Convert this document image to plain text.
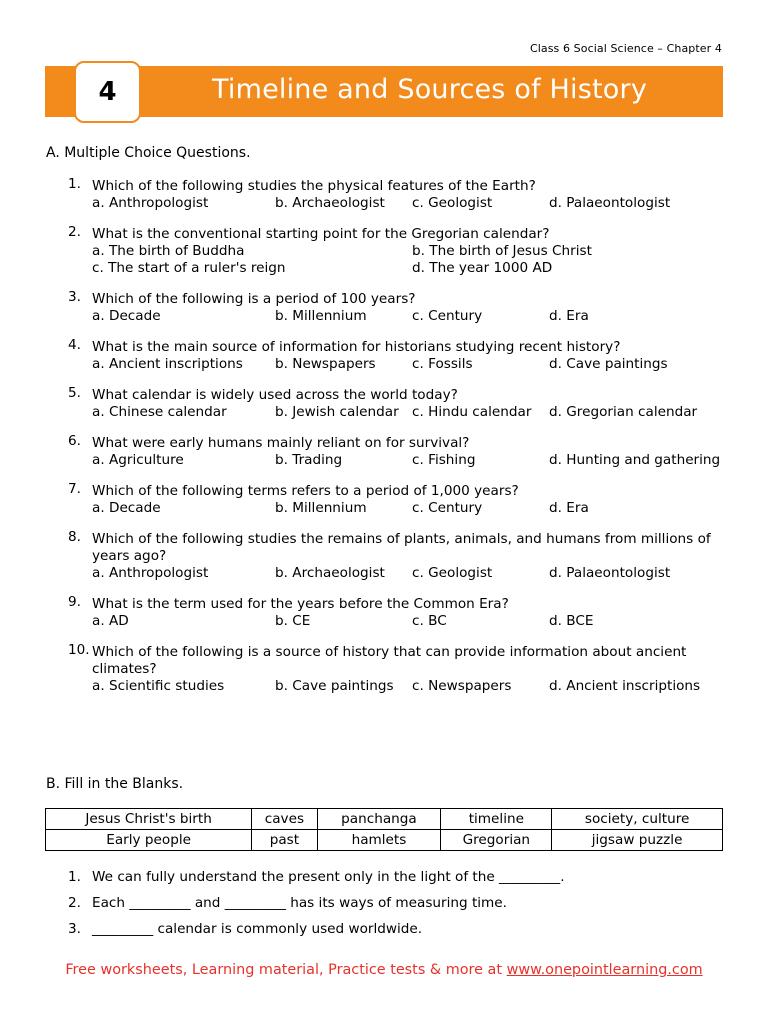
Class 6 Social Science – Chapter 4
4	Timeline and Sources of History
A. Multiple Choice Questions.
1. Which of the following studies the physical features of the Earth?
a. Anthropologist	b. Archaeologist c. Geologist	d. Palaeontologist
2. What is the conventional starting point for the Gregorian calendar?
a. The birth of Buddha	b. The birth of Jesus Christ
c. The start of a ruler's reign	d. The year 1000 AD
3. Which of the following is a period of 100 years?
a. Decade	b. Millennium	c. Century	d. Era
4. What is the main source of information for historians studying recent history?
a. Ancient inscriptions b. Newspapers	c. Fossils	d. Cave paintings
5. What calendar is widely used across the world today?
a. Chinese calendar	b. Jewish calendar c. Hindu calendar d. Gregorian calendar
6. What were early humans mainly reliant on for survival?
a. Agriculture	b. Trading	c. Fishing	d. Hunting and gathering
7. Which of the following terms refers to a period of 1,000 years?
a. Decade	b. Millennium	c. Century	d. Era
8. Which of the following studies the remains of plants, animals, and humans from millions of years ago?
a. Anthropologist	b. Archaeologist c. Geologist	d. Palaeontologist
9. What is the term used for the years before the Common Era?
a. AD	b. CE	c. BC	d. BCE
10. Which of the following is a source of history that can provide information about ancient climates?
a. Scientific studies	b. Cave paintings c. Newspapers	d. Ancient inscriptions
B. Fill in the Blanks.
Jesus Christ's birth	caves	panchanga	timeline	society, culture
Early people	past	hamlets	Gregorian	jigsaw puzzle
1. We can fully understand the present only in the light of the _________.
2. Each _________ and _________ has its ways of measuring time.
3. _________ calendar is commonly used worldwide.
Free worksheets, Learning material, Practice tests & more at www.onepointlearning.com
